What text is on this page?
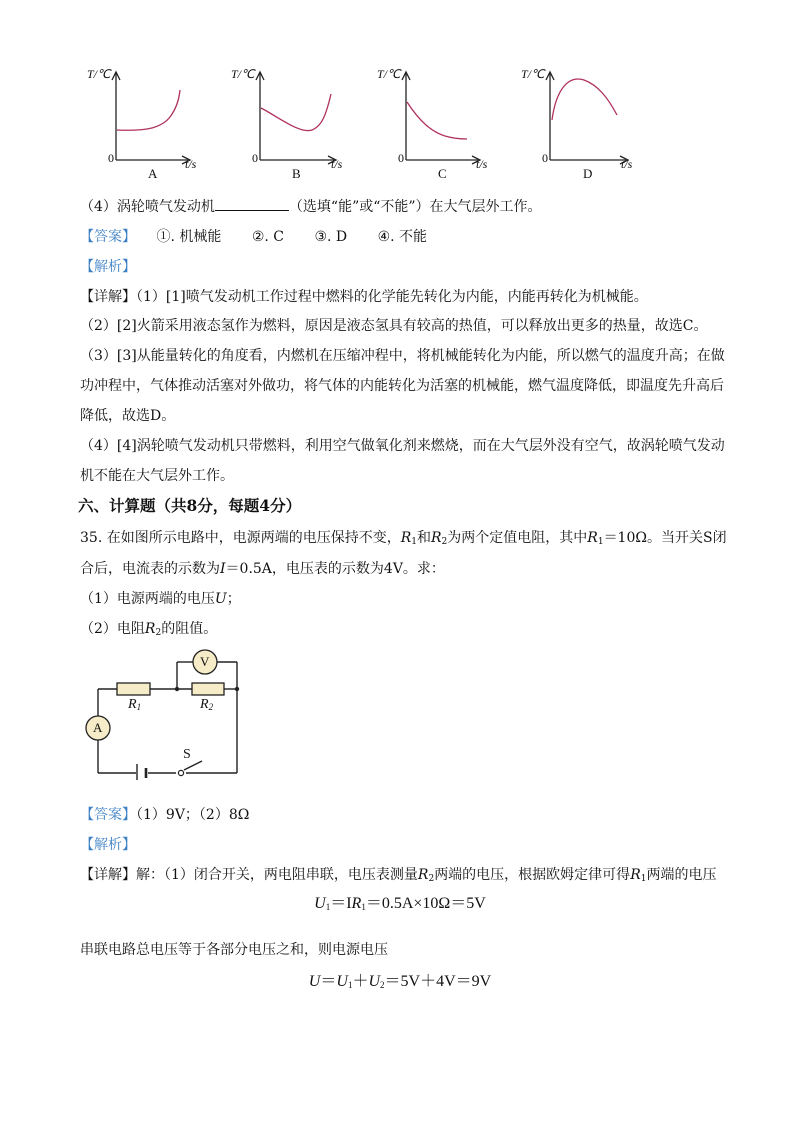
T/℃	T/℃	T/℃	T/℃
0	0	0	0
t/s	t/s	t/s	t/s
A	B	C	D
（4）涡轮喷气发动机	（选填“能”或“不能”）在大气层外工作。
【答案】 ①. 机械能 ②. C ③. D ④. 不能
【解析】
【详解】（1）[1]喷气发动机工作过程中燃料的化学能先转化为内能，内能再转化为机械能。
（2）[2]火箭采用液态氢作为燃料，原因是液态氢具有较高的热值，可以释放出更多的热量，故选C。
（3）[3]从能量转化的角度看，内燃机在压缩冲程中，将机械能转化为内能，所以燃气的温度升高；在做
功冲程中，气体推动活塞对外做功，将气体的内能转化为活塞的机械能，燃气温度降低，即温度先升高后
降低，故选D。
（4）[4]涡轮喷气发动机只带燃料，利用空气做氧化剂来燃烧，而在大气层外没有空气，故涡轮喷气发动
机不能在大气层外工作。
六、计算题（共8分，每题4分）
35. 在如图所示电路中，电源两端的电压保持不变，$R_1$和$R_2$为两个定值电阻，其中$R_1=10\Omega$。当开关S闭
合后，电流表的示数为I＝0.5A，电压表的示数为4V。求：
（1）电源两端的电压U；
（2）电阻$R_2$的阻值。
V
A
$R_1$	$R_2$
S
【答案】（1）9V；（2）8Ω
【解析】
【详解】解：（1）闭合开关，两电阻串联，电压表测量$R_2$两端的电压，根据欧姆定律可得$R_1$两端的电压
$U_1=IR_1=0.5A\times 10\Omega=5V$
串联电路总电压等于各部分电压之和，则电源电压
$U=U_1+U_2=5V+4V=9V$
